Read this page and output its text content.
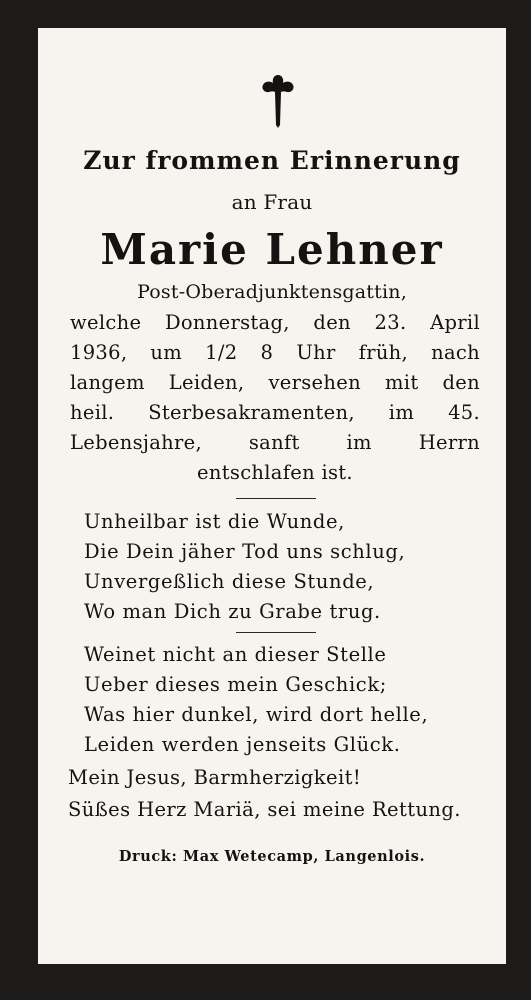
Zur frommen Erinnerung
an Frau
Marie Lehner
Post-Oberadjunktensgattin,
welche Donnerstag, den 23. April
1936, um 1/2 8 Uhr früh, nach
langem Leiden, versehen mit den
heil. Sterbesakramenten, im 45.
Lebensjahre, sanft im Herrn
entschlafen ist.
Unheilbar ist die Wunde,
Die Dein jäher Tod uns schlug,
Unvergeßlich diese Stunde,
Wo man Dich zu Grabe trug.
Weinet nicht an dieser Stelle
Ueber dieses mein Geschick;
Was hier dunkel, wird dort helle,
Leiden werden jenseits Glück.
Mein Jesus, Barmherzigkeit!
Süßes Herz Mariä, sei meine Rettung.
Druck: Max Wetecamp, Langenlois.
